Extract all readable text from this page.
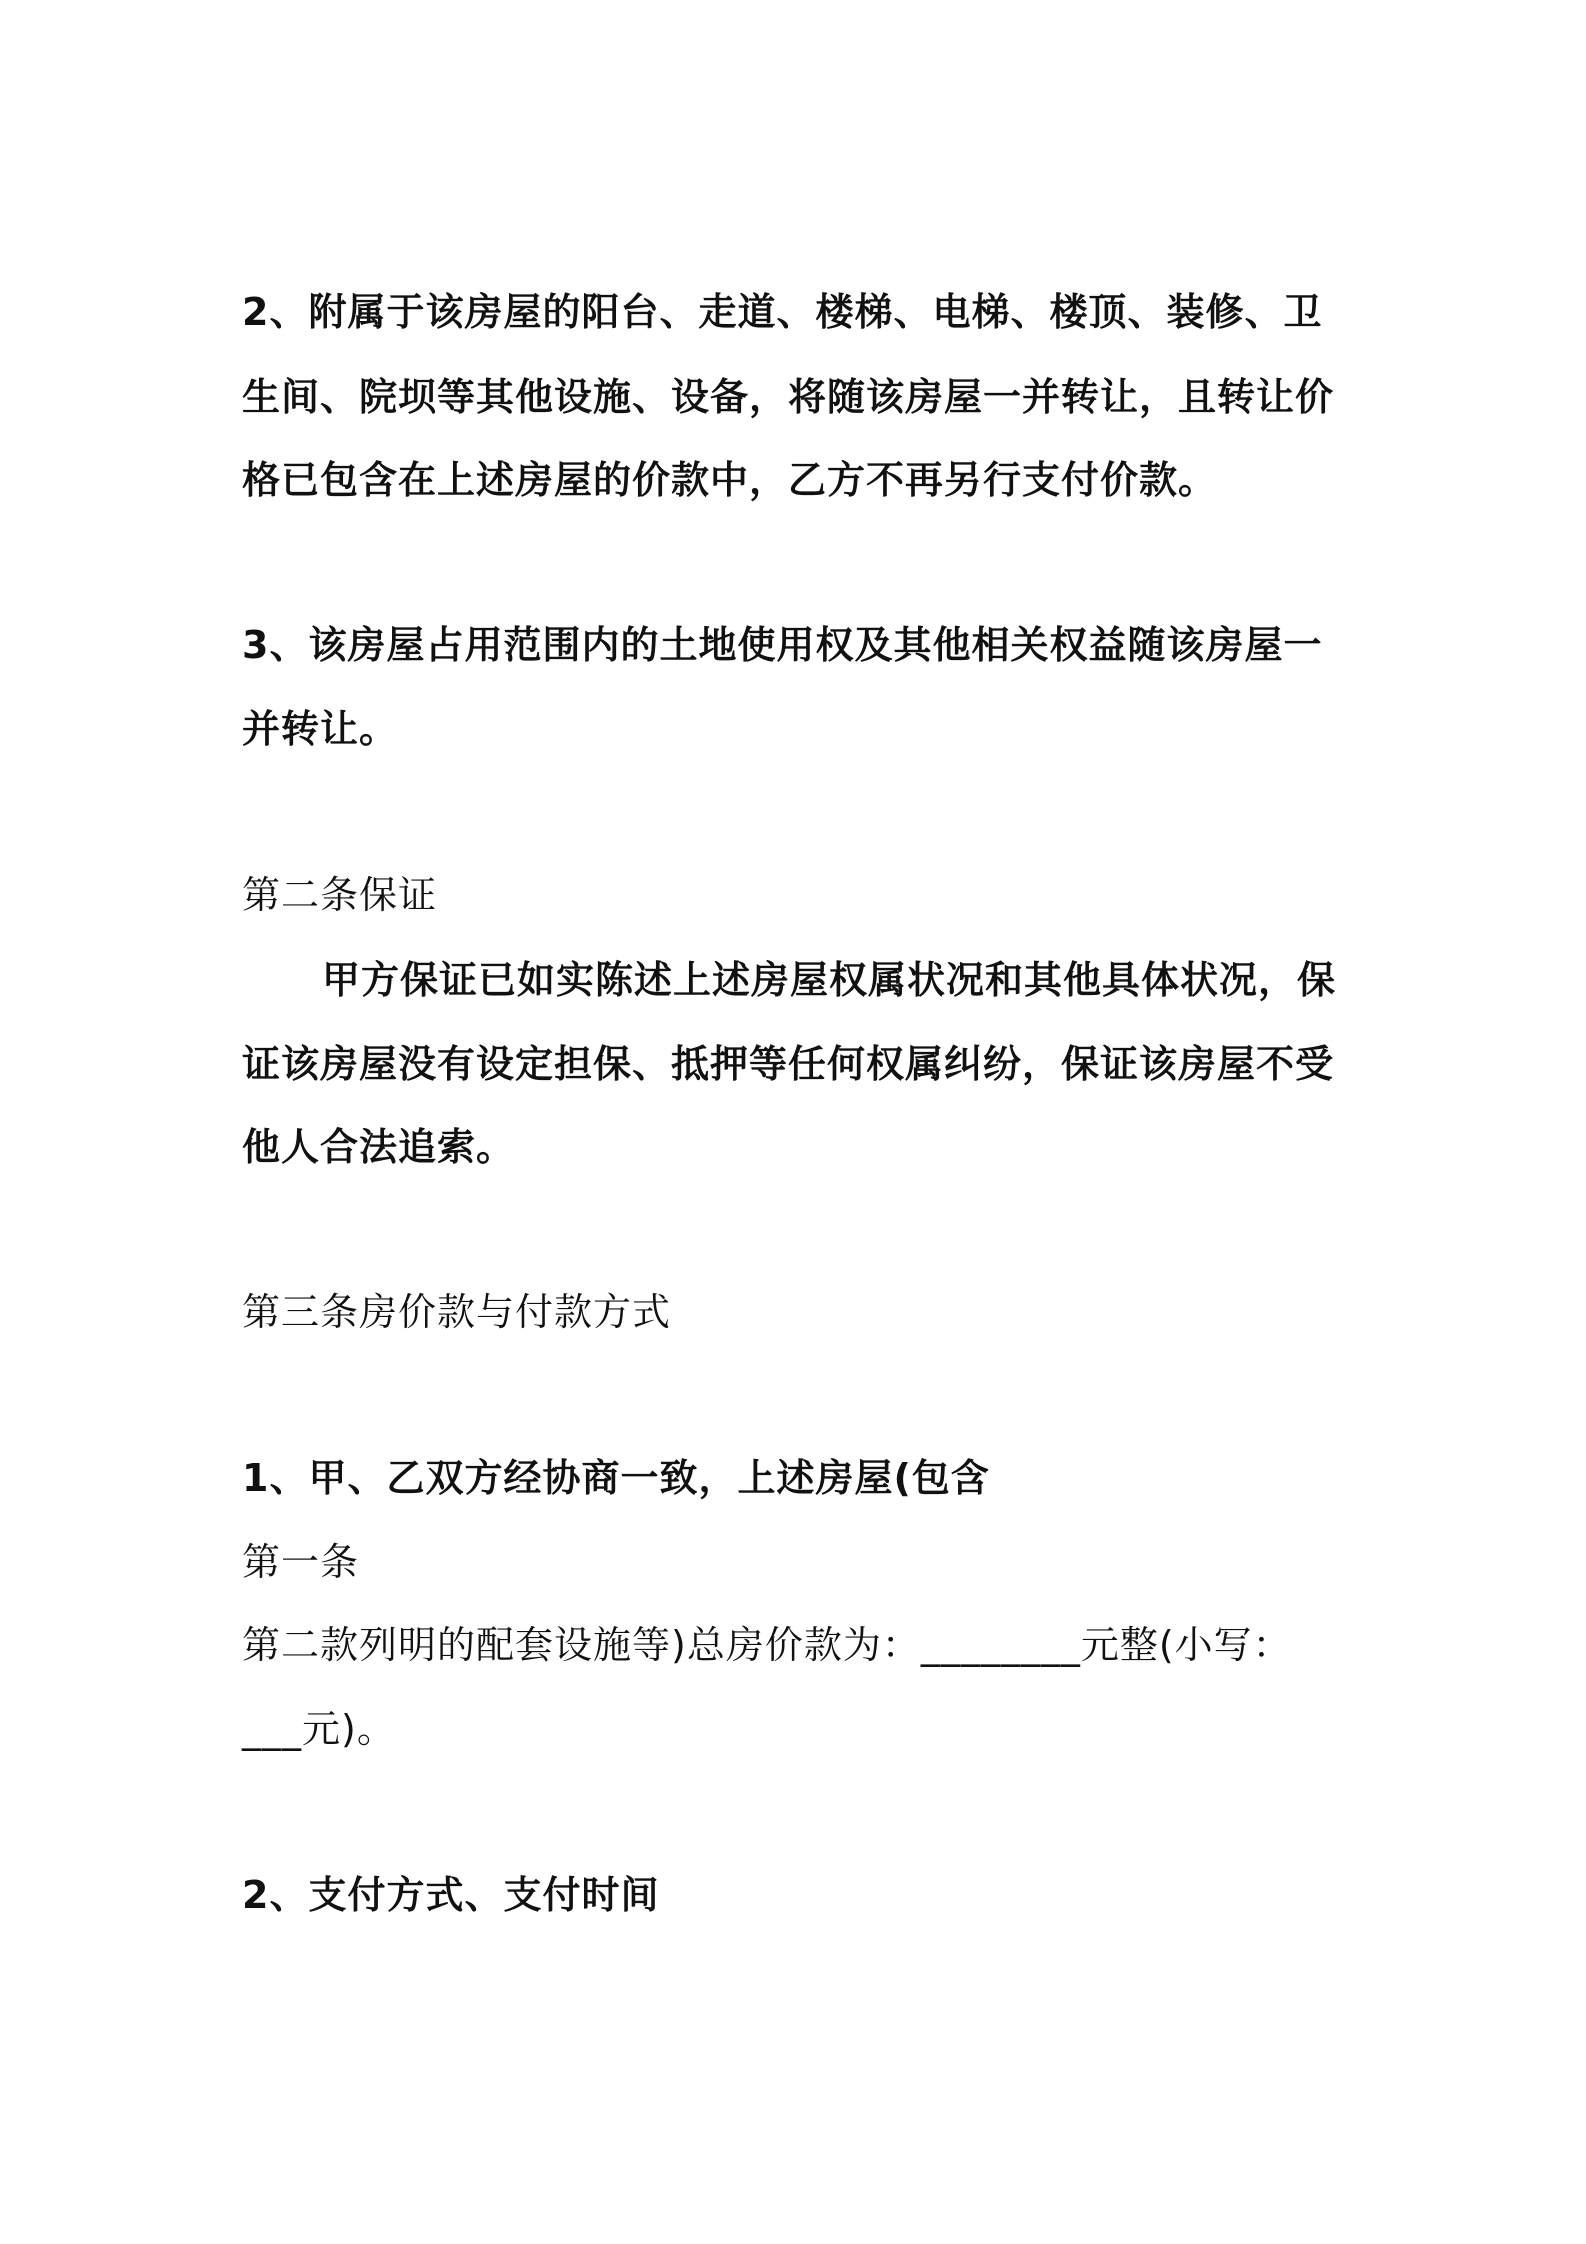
2、附属于该房屋的阳台、走道、楼梯、电梯、楼顶、装修、卫
生间、院坝等其他设施、设备，将随该房屋一并转让，且转让价
格已包含在上述房屋的价款中，乙方不再另行支付价款。
3、该房屋占用范围内的土地使用权及其他相关权益随该房屋一
并转让。
第二条保证
甲方保证已如实陈述上述房屋权属状况和其他具体状况，保
证该房屋没有设定担保、抵押等任何权属纠纷，保证该房屋不受
他人合法追索。
第三条房价款与付款方式
1、甲、乙双方经协商一致，上述房屋(包含
第一条
第二款列明的配套设施等)总房价款为：________元整(小写：
___元)。
2、支付方式、支付时间
